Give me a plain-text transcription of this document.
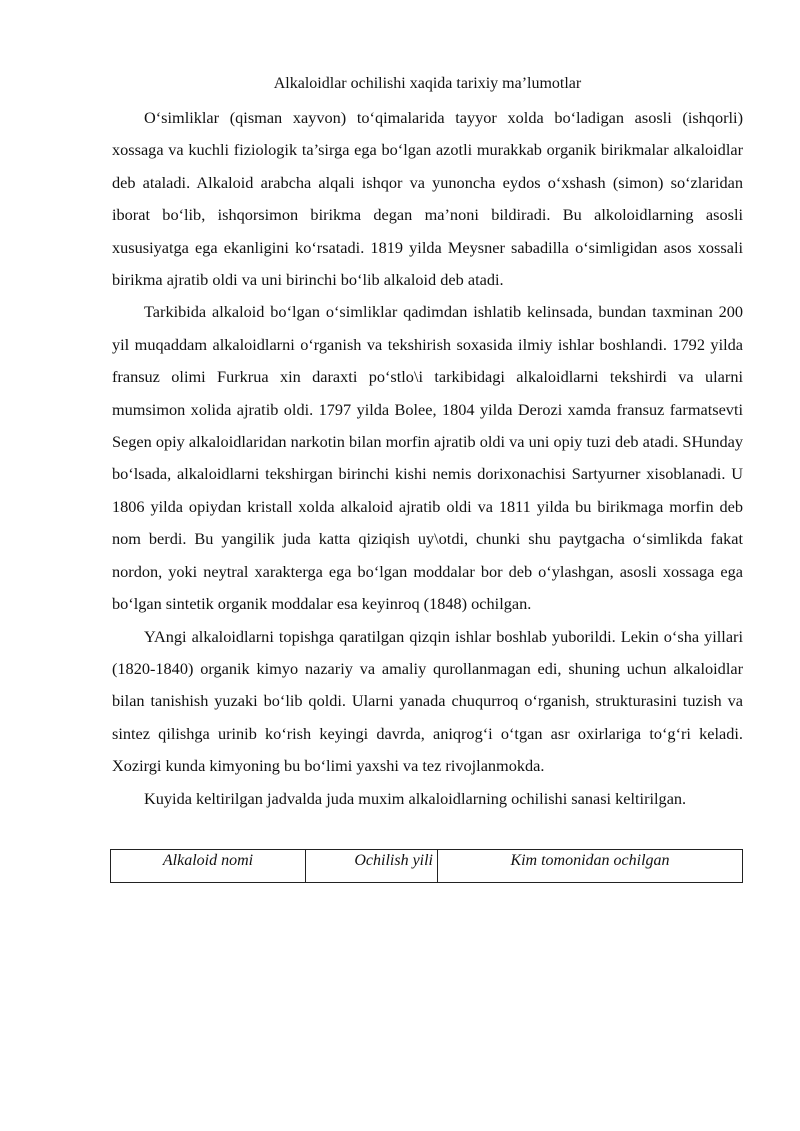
Alkaloidlar ochilishi xaqida tarixiy ma’lumotlar

O‘simliklar (qisman xayvon) to‘qimalarida tayyor xolda bo‘ladigan asosli (ishqorli) xossaga va kuchli fiziologik ta’sirga ega bo‘lgan azotli murakkab organik birikmalar alkaloidlar deb ataladi. Alkaloid arabcha alqali ishqor va yunoncha eydos o‘xshash (simon) so‘zlaridan iborat bo‘lib, ishqorsimon birikma degan ma’noni bildiradi. Bu alkoloidlarning asosli xususiyatga ega ekanligini ko‘rsatadi. 1819 yilda Meysner sabadilla o‘simligidan asos xossali birikma ajratib oldi va uni birinchi bo‘lib alkaloid deb atadi.

Tarkibida alkaloid bo‘lgan o‘simliklar qadimdan ishlatib kelinsada, bundan taxminan 200 yil muqaddam alkaloidlarni o‘rganish va tekshirish soxasida ilmiy ishlar boshlandi. 1792 yilda fransuz olimi Furkrua xin daraxti po‘stlo\i tarkibidagi alkaloidlarni tekshirdi va ularni mumsimon xolida ajratib oldi. 1797 yilda Bolee, 1804 yilda Derozi xamda fransuz farmatsevti Segen opiy alkaloidlaridan narkotin bilan morfin ajratib oldi va uni opiy tuzi deb atadi. SHunday bo‘lsada, alkaloidlarni tekshirgan birinchi kishi nemis dorixonachisi Sartyurner xisoblanadi. U 1806 yilda opiydan kristall xolda alkaloid ajratib oldi va 1811 yilda bu birikmaga morfin deb nom berdi. Bu yangilik juda katta qiziqish uy\otdi, chunki shu paytgacha o‘simlikda fakat nordon, yoki neytral xarakterga ega bo‘lgan moddalar bor deb o‘ylashgan, asosli xossaga ega bo‘lgan sintetik organik moddalar esa keyinroq (1848) ochilgan.

YAngi alkaloidlarni topishga qaratilgan qizqin ishlar boshlab yuborildi. Lekin o‘sha yillari (1820-1840) organik kimyo nazariy va amaliy qurollanmagan edi, shuning uchun alkaloidlar bilan tanishish yuzaki bo‘lib qoldi. Ularni yanada chuqurroq o‘rganish, strukturasini tuzish va sintez qilishga urinib ko‘rish keyingi davrda, aniqrog‘i o‘tgan asr oxirlariga to‘g‘ri keladi. Xozirgi kunda kimyoning bu bo‘limi yaxshi va tez rivojlanmokda.

Kuyida keltirilgan jadvalda juda muxim alkaloidlarning ochilishi sanasi keltirilgan.

Alkaloid nomi	Ochilish yili	Kim tomonidan ochilgan
